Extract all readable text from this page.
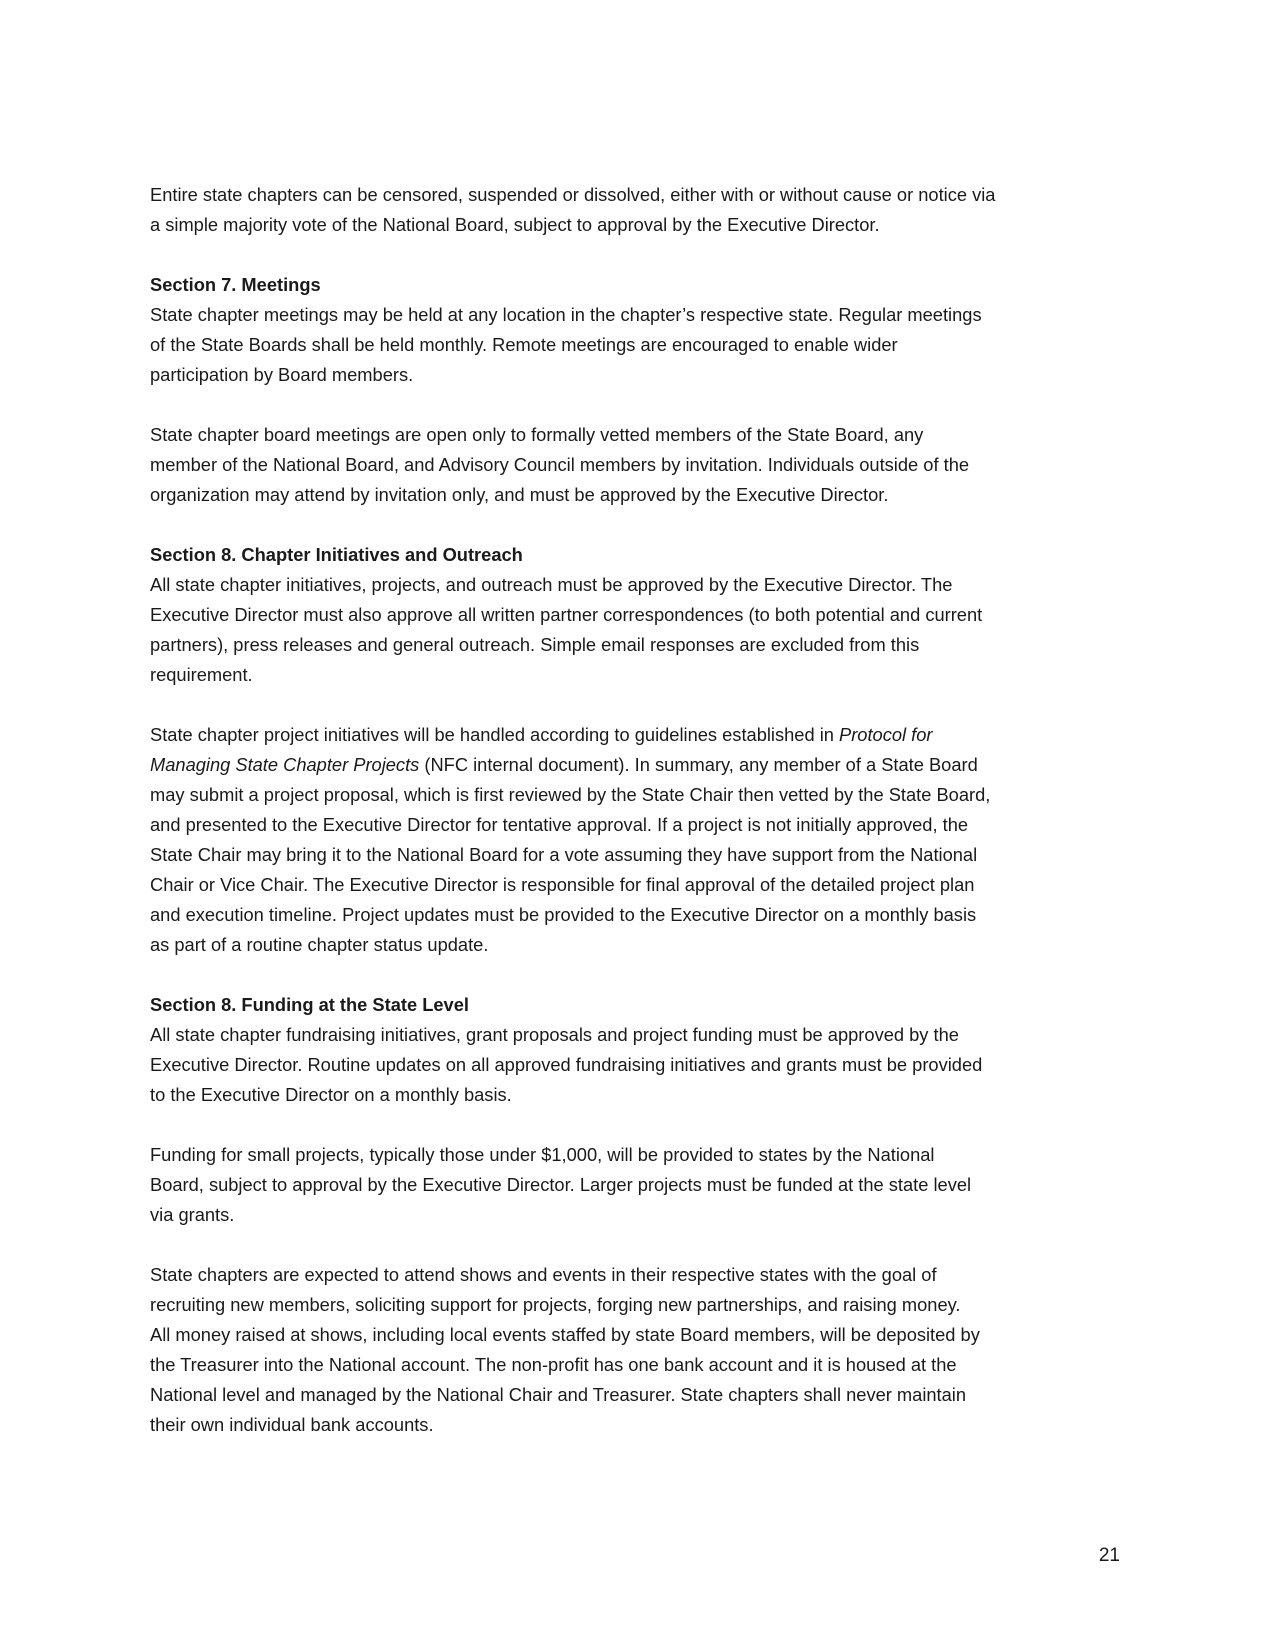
Entire state chapters can be censored, suspended or dissolved, either with or without cause or notice via
a simple majority vote of the National Board, subject to approval by the Executive Director.
Section 7. Meetings
State chapter meetings may be held at any location in the chapter’s respective state. Regular meetings
of the State Boards shall be held monthly. Remote meetings are encouraged to enable wider
participation by Board members.
State chapter board meetings are open only to formally vetted members of the State Board, any
member of the National Board, and Advisory Council members by invitation. Individuals outside of the
organization may attend by invitation only, and must be approved by the Executive Director.
Section 8. Chapter Initiatives and Outreach
All state chapter initiatives, projects, and outreach must be approved by the Executive Director. The
Executive Director must also approve all written partner correspondences (to both potential and current
partners), press releases and general outreach. Simple email responses are excluded from this
requirement.
State chapter project initiatives will be handled according to guidelines established in Protocol for
Managing State Chapter Projects (NFC internal document). In summary, any member of a State Board
may submit a project proposal, which is first reviewed by the State Chair then vetted by the State Board,
and presented to the Executive Director for tentative approval. If a project is not initially approved, the
State Chair may bring it to the National Board for a vote assuming they have support from the National
Chair or Vice Chair. The Executive Director is responsible for final approval of the detailed project plan
and execution timeline. Project updates must be provided to the Executive Director on a monthly basis
as part of a routine chapter status update.
Section 8. Funding at the State Level
All state chapter fundraising initiatives, grant proposals and project funding must be approved by the
Executive Director. Routine updates on all approved fundraising initiatives and grants must be provided
to the Executive Director on a monthly basis.
Funding for small projects, typically those under $1,000, will be provided to states by the National
Board, subject to approval by the Executive Director. Larger projects must be funded at the state level
via grants.
State chapters are expected to attend shows and events in their respective states with the goal of
recruiting new members, soliciting support for projects, forging new partnerships, and raising money.
All money raised at shows, including local events staffed by state Board members, will be deposited by
the Treasurer into the National account. The non-profit has one bank account and it is housed at the
National level and managed by the National Chair and Treasurer. State chapters shall never maintain
their own individual bank accounts.
21
